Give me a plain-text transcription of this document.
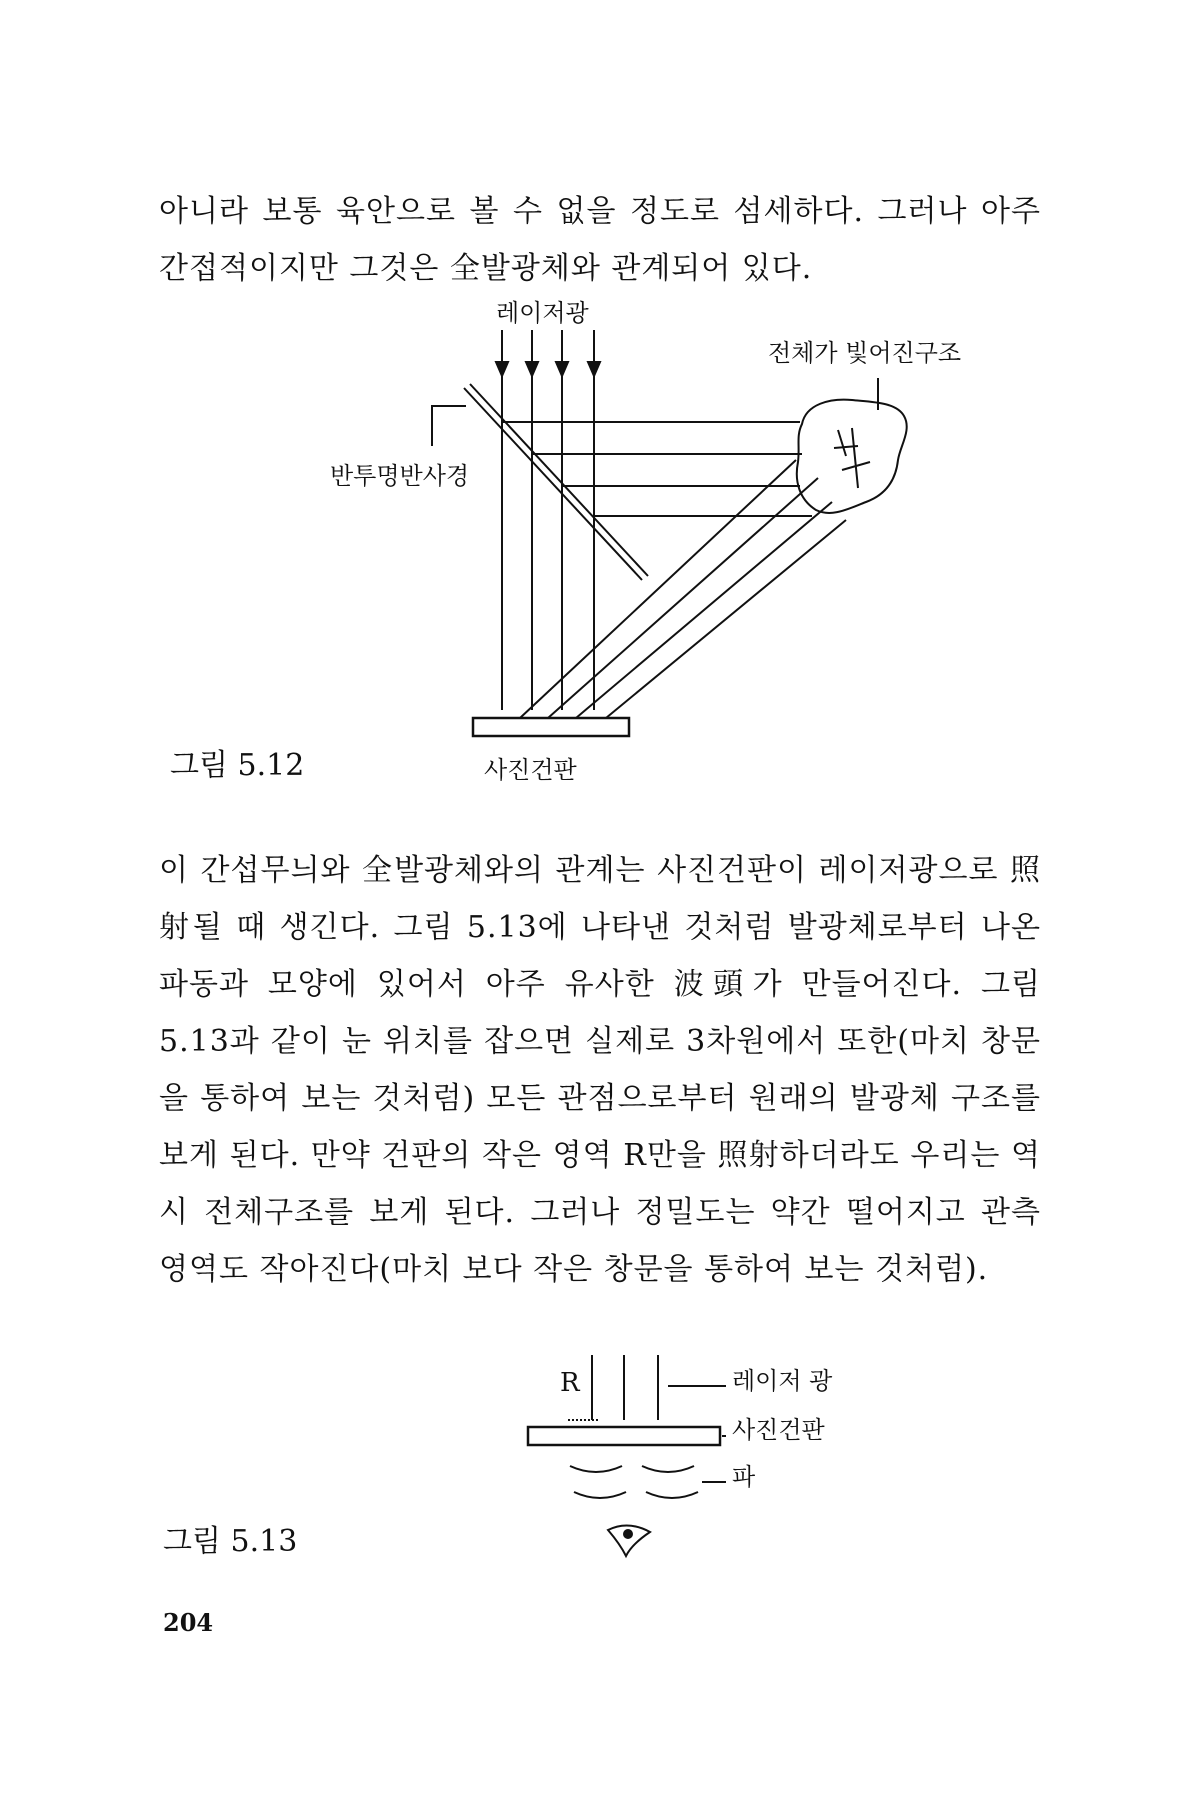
아니라 보통 육안으로 볼 수 없을 정도로 섬세하다. 그러나 아주 간접적이지만 그것은 全발광체와 관계되어 있다.

레이저광
전체가 빛어진구조
반투명반사경
사진건판
그림 5.12

이 간섭무늬와 全발광체와의 관계는 사진건판이 레이저광으로 照射될 때 생긴다. 그림 5.13에 나타낸 것처럼 발광체로부터 나온 파동과 모양에 있어서 아주 유사한 波頭가 만들어진다. 그림 5.13과 같이 눈 위치를 잡으면 실제로 3차원에서 또한(마치 창문을 통하여 보는 것처럼) 모든 관점으로부터 원래의 발광체 구조를 보게 된다. 만약 건판의 작은 영역 R만을 照射하더라도 우리는 역시 전체구조를 보게 된다. 그러나 정밀도는 약간 떨어지고 관측 영역도 작아진다(마치 보다 작은 창문을 통하여 보는 것처럼).

R	레이저 광
사진건판
파
그림 5.13
204
